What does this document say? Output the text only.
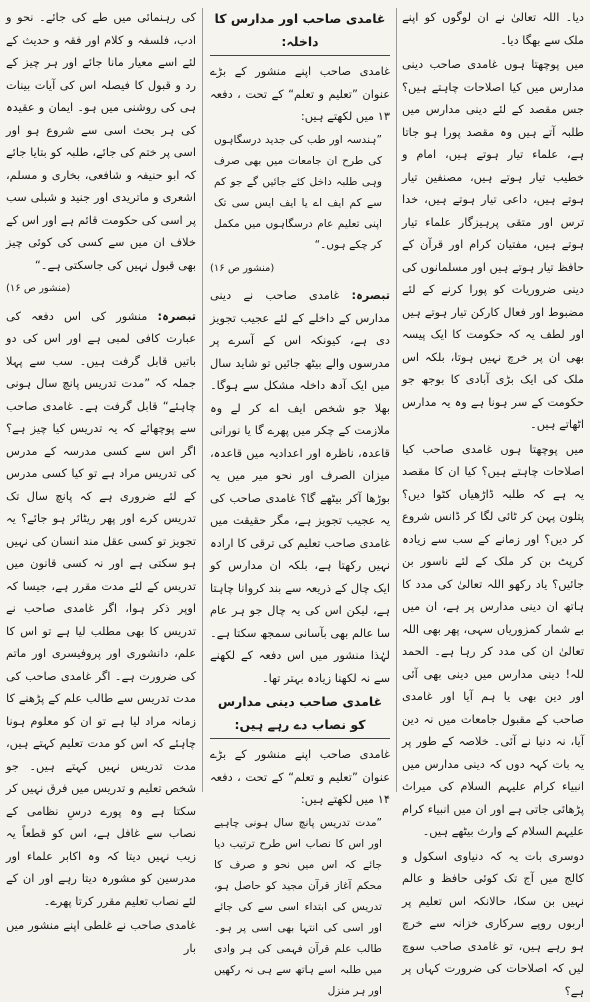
دیا۔ اللہ تعالیٰ نے ان لوگوں کو اپنے ملک سے بھگا دیا۔

میں پوچھتا ہوں غامدی صاحب دینی مدارس میں کیا اصلاحات چاہتے ہیں؟ جس مقصد کے لئے دینی مدارس میں طلبہ آتے ہیں وہ مقصد پورا ہو جاتا ہے، علماء تیار ہوتے ہیں، امام و خطیب تیار ہوتے ہیں، مصنفین تیار ہوتے ہیں، داعی تیار ہوتے ہیں، خدا ترس اور متقی پرہیزگار علماء تیار ہوتے ہیں، مفتیان کرام اور قرآن کے حافظ تیار ہوتے ہیں اور مسلمانوں کی دینی ضروریات کو پورا کرنے کے لئے مضبوط اور فعال کارکن تیار ہوتے ہیں اور لطف یہ کہ حکومت کا ایک پیسہ بھی ان پر خرچ نہیں ہوتا، بلکہ اس ملک کی ایک بڑی آبادی کا بوجھ جو حکومت کے سر ہونا ہے وہ یہ مدارس اٹھاتے ہیں۔

میں پوچھتا ہوں غامدی صاحب کیا اصلاحات چاہتے ہیں؟ کیا ان کا مقصد یہ ہے کہ طلبہ ڈاڑھیاں کٹوا دیں؟ پتلون پہن کر ٹائی لگا کر ڈانس شروع کر دیں؟ اور زمانے کے سب سے زیادہ کرپٹ بن کر ملک کے لئے ناسور بن جائیں؟ یاد رکھو اللہ تعالیٰ کی مدد کا ہاتھ ان دینی مدارس پر ہے، ان میں بے شمار کمزوریاں سہی، پھر بھی اللہ تعالیٰ ان کی مدد کر رہا ہے۔ الحمد للہ! دینی مدارس میں دینی بھی آئی اور دین بھی یا ہم آیا اور غامدی صاحب کے مقبول جامعات میں نہ دین آیا، نہ دنیا نے آئی۔ خلاصہ کے طور پر یہ بات کہہ دوں کہ دینی مدارس میں انبیاء کرام علیہم السلام کی میراث پڑھائی جاتی ہے اور ان میں انبیاء کرام علیہم السلام کے وارث بیٹھے ہیں۔

دوسری بات یہ کہ دنیاوی اسکول و کالج میں آج تک کوئی حافظ و عالم نہیں بن سکا، حالانکہ اس تعلیم پر اربوں روپے سرکاری خزانہ سے خرچ ہو رہے ہیں، تو غامدی صاحب سوچ لیں کہ اصلاحات کی ضرورت کہاں پر ہے؟

غامدی صاحب اور مدارس کا داخلہ:

غامدی صاحب اپنے منشور کے بڑے عنوان ”تعلیم و تعلم“ کے تحت ، دفعہ ۱۳ میں لکھتے ہیں:

”ہندسہ اور طب کی جدید درسگاہوں کی طرح ان جامعات میں بھی صرف وہی طلبہ داخل کئے جائیں گے جو کم سے کم ایف اے یا ایف ایس سی تک اپنی تعلیم عام درسگاہوں میں مکمل کر چکے ہوں۔“

(منشور ص ۱۶)

تبصرہ: غامدی صاحب نے دینی مدارس کے داخلے کے لئے عجیب تجویز دی ہے، کیونکہ اس کے آسرے پر مدرسوں والے بیٹھ جائیں تو شاید سال میں ایک آدھ داخلہ مشکل سے ہوگا۔ بھلا جو شخص ایف اے کر لے وہ ملازمت کے چکر میں پھرے گا یا نورانی قاعدہ، ناظرہ اور اعدادیہ میں قاعدہ، میزان الصرف اور نحو میر میں یہ بوڑھا آکر بیٹھے گا؟ غامدی صاحب کی یہ عجیب تجویز ہے، مگر حقیقت میں غامدی صاحب تعلیم کی ترقی کا ارادہ نہیں رکھتا ہے، بلکہ ان مدارس کو ایک چال کے ذریعہ سے بند کروانا چاہتا ہے، لیکن اس کی یہ چال جو ہر عام سا عالم بھی بآسانی سمجھ سکتا ہے۔ لہٰذا منشور میں اس دفعہ کے لکھنے سے نہ لکھنا زیادہ بہتر تھا۔

غامدی صاحب دینی مدارس کو نصاب دے رہے ہیں:

غامدی صاحب اپنے منشور کے بڑے عنوان ”تعلیم و تعلم“ کے تحت ، دفعہ ۱۴ میں لکھتے ہیں:

”مدت تدریس پانچ سال ہونی چاہیے اور اس کا نصاب اس طرح ترتیب دیا جائے کہ اس میں نحو و صرف کا محکم آغاز قرآن مجید کو حاصل ہو، تدریس کی ابتداء اسی سے کی جائے اور اسی کی انتہا بھی اسی پر ہو۔ طالب علم قرآن فہمی کی ہر وادی میں طلبہ اسے ہاتھ سے ہی نہ رکھیں اور ہر منزل

کی رہنمائی میں طے کی جائے۔ نحو و ادب، فلسفہ و کلام اور فقہ و حدیث کے لئے اسے معیار مانا جائے اور ہر چیز کے رد و قبول کا فیصلہ اس کی آیات بینات ہی کی روشنی میں ہو۔ ایمان و عقیدہ کی ہر بحث اسی سے شروع ہو اور اسی پر ختم کی جائے، طلبہ کو بتایا جائے کہ ابو حنیفہ و شافعی، بخاری و مسلم، اشعری و ماتریدی اور جنید و شبلی سب پر اسی کی حکومت قائم ہے اور اس کے خلاف ان میں سے کسی کی کوئی چیز بھی قبول نہیں کی جاسکتی ہے۔“

(منشور ص ۱۶)

تبصرہ: منشور کی اس دفعہ کی عبارت کافی لمبی ہے اور اس کی دو باتیں قابل گرفت ہیں۔ سب سے پہلا جملہ کہ ”مدت تدریس پانچ سال ہونی چاہئے“ قابل گرفت ہے۔ غامدی صاحب سے پوچھائے کہ یہ تدریس کیا چیز ہے؟ اگر اس سے کسی مدرسہ کے مدرس کی تدریس مراد ہے تو کیا کسی مدرس کے لئے ضروری ہے کہ پانچ سال تک تدریس کرے اور پھر ریٹائر ہو جائے؟ یہ تجویز تو کسی عقل مند انسان کی نہیں ہو سکتی ہے اور نہ کسی قانون میں تدریس کے لئے مدت مقرر ہے، جیسا کہ اوپر ذکر ہوا، اگر غامدی صاحب نے تدریس کا بھی مطلب لیا ہے تو اس کا علم، دانشوری اور پروفیسری اور ماتم کی ضرورت ہے۔ اگر غامدی صاحب کی مدت تدریس سے طالب علم کے پڑھنے کا زمانہ مراد لیا ہے تو ان کو معلوم ہونا چاہئے کہ اس کو مدت تعلیم کہتے ہیں، مدت تدریس نہیں کہتے ہیں۔ جو شخص تعلیم و تدریس میں فرق نہیں کر سکتا ہے وہ پورے درسِ نظامی کے نصاب سے غافل ہے، اس کو قطعاً یہ زیب نہیں دیتا کہ وہ اکابر علماء اور مدرسین کو مشورہ دیتا رہے اور ان کے لئے نصاب تعلیم مقرر کرتا پھرے۔

غامدی صاحب نے غلطی اپنے منشور میں بار
